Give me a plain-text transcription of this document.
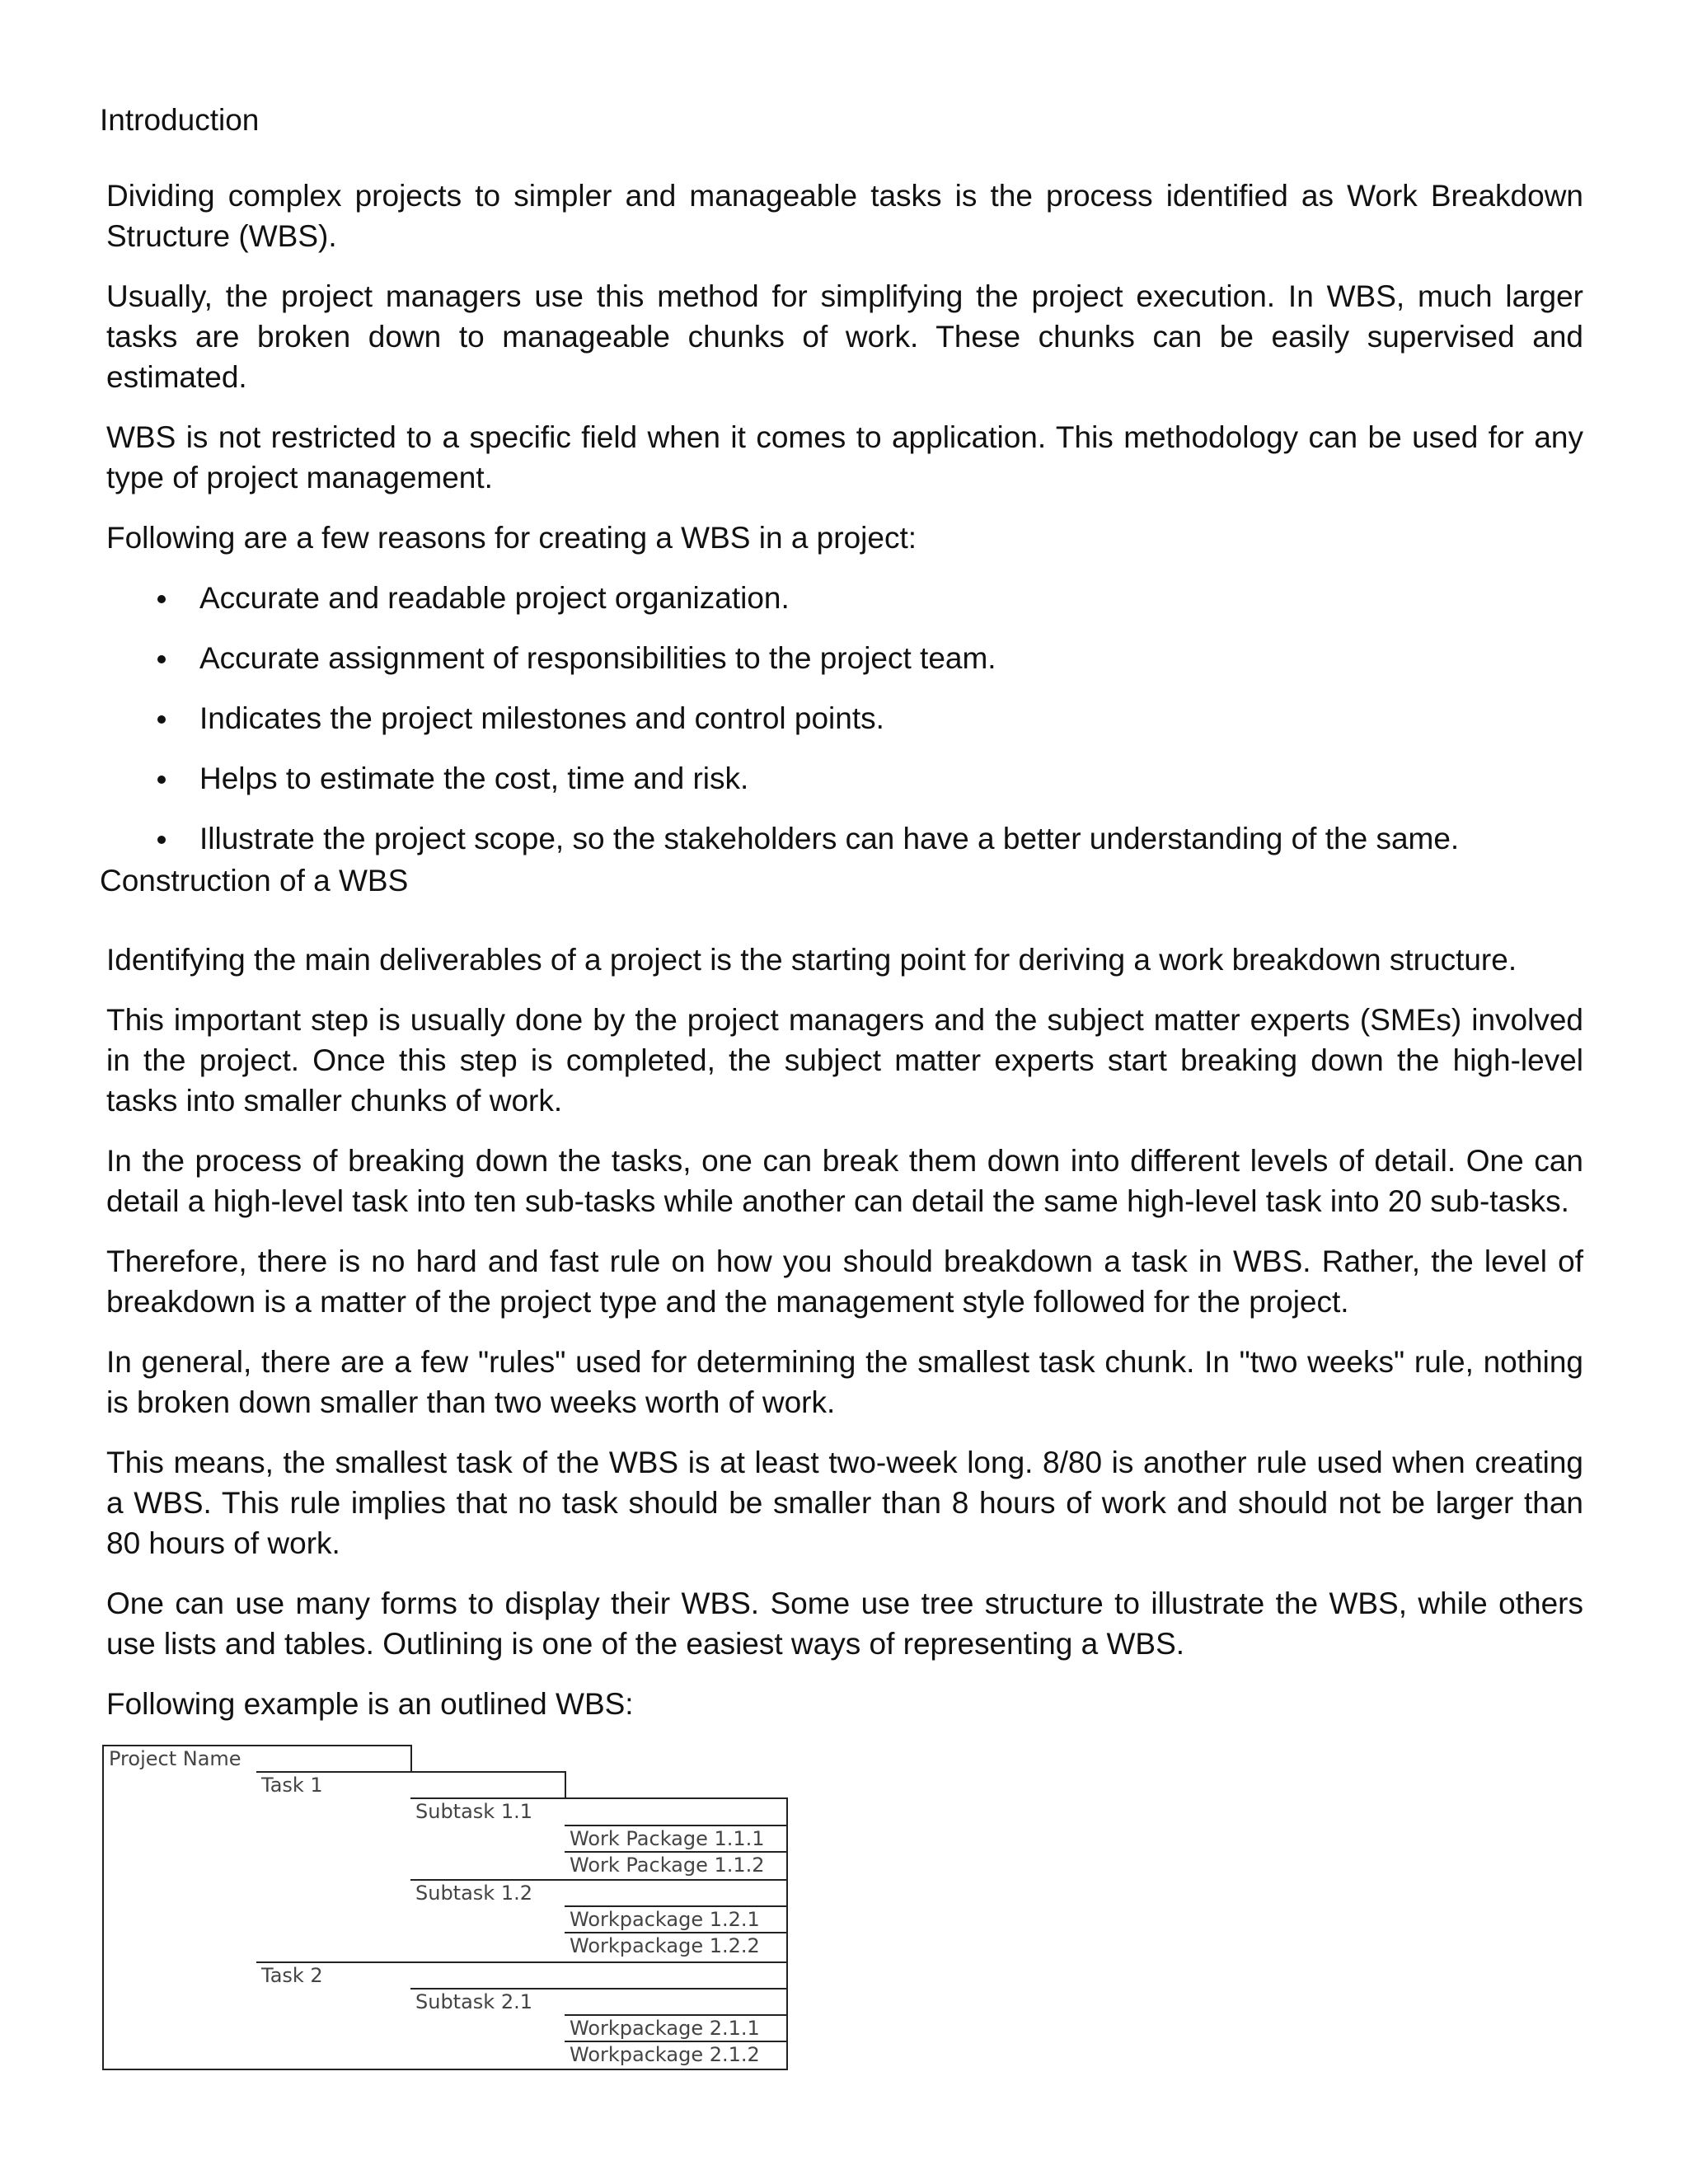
Introduction

Dividing complex projects to simpler and manageable tasks is the process identified as Work Breakdown Structure (WBS).

Usually, the project managers use this method for simplifying the project execution. In WBS, much larger tasks are broken down to manageable chunks of work. These chunks can be easily supervised and estimated.

WBS is not restricted to a specific field when it comes to application. This methodology can be used for any type of project management.

Following are a few reasons for creating a WBS in a project:

Accurate and readable project organization.
Accurate assignment of responsibilities to the project team.
Indicates the project milestones and control points.
Helps to estimate the cost, time and risk.
Illustrate the project scope, so the stakeholders can have a better understanding of the same.
Construction of a WBS

Identifying the main deliverables of a project is the starting point for deriving a work breakdown structure.

This important step is usually done by the project managers and the subject matter experts (SMEs) involved in the project. Once this step is completed, the subject matter experts start breaking down the high-level tasks into smaller chunks of work.

In the process of breaking down the tasks, one can break them down into different levels of detail. One can detail a high-level task into ten sub-tasks while another can detail the same high-level task into 20 sub-tasks.

Therefore, there is no hard and fast rule on how you should breakdown a task in WBS. Rather, the level of breakdown is a matter of the project type and the management style followed for the project.

In general, there are a few "rules" used for determining the smallest task chunk. In "two weeks" rule, nothing is broken down smaller than two weeks worth of work.

This means, the smallest task of the WBS is at least two-week long. 8/80 is another rule used when creating a WBS. This rule implies that no task should be smaller than 8 hours of work and should not be larger than 80 hours of work.

One can use many forms to display their WBS. Some use tree structure to illustrate the WBS, while others use lists and tables. Outlining is one of the easiest ways of representing a WBS.

Following example is an outlined WBS:

Project Name
Task 1
Task 2
Subtask 1.1
Subtask 1.2
Subtask 2.1
Work Package 1.1.1
Work Package 1.1.2
Workpackage 1.2.1
Workpackage 1.2.2
Workpackage 2.1.1
Workpackage 2.1.2
